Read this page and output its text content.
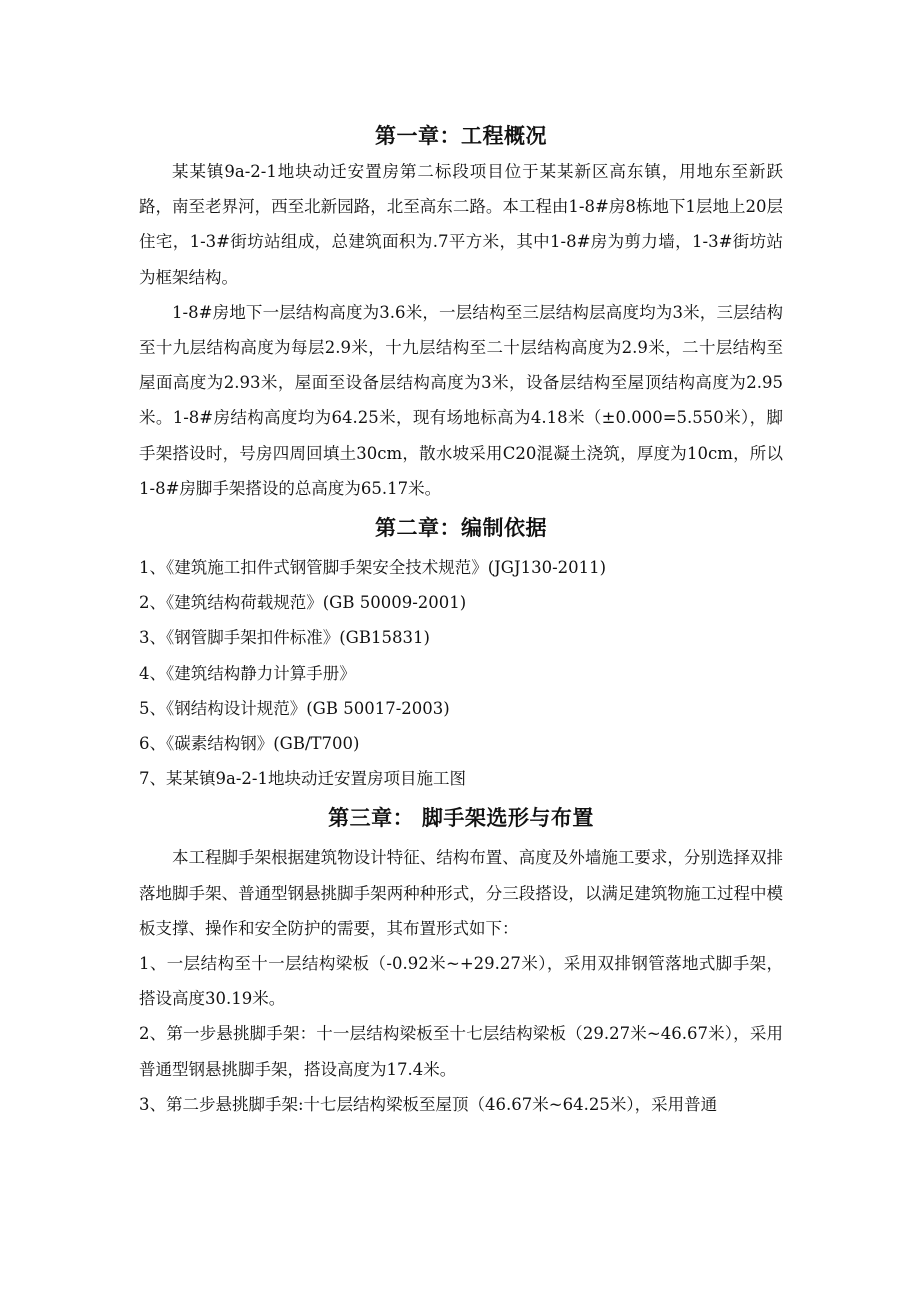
第一章：工程概况

某某镇9a-2-1地块动迁安置房第二标段项目位于某某新区高东镇，用地东至新跃路，南至老界河，西至北新园路，北至高东二路。本工程由1-8#房8栋地下1层地上20层住宅，1-3#街坊站组成，总建筑面积为.7平方米，其中1-8#房为剪力墙，1-3#街坊站为框架结构。

1-8#房地下一层结构高度为3.6米，一层结构至三层结构层高度均为3米，三层结构至十九层结构高度为每层2.9米，十九层结构至二十层结构高度为2.9米，二十层结构至屋面高度为2.93米，屋面至设备层结构高度为3米，设备层结构至屋顶结构高度为2.95米。1-8#房结构高度均为64.25米，现有场地标高为4.18米（±0.000=5.550米），脚手架搭设时，号房四周回填土30cm，散水坡采用C20混凝土浇筑，厚度为10cm，所以1-8#房脚手架搭设的总高度为65.17米。

第二章：编制依据

1、《建筑施工扣件式钢管脚手架安全技术规范》(JGJ130-2011)

2、《建筑结构荷载规范》(GB 50009-2001)

3、《钢管脚手架扣件标准》(GB15831)

4、《建筑结构静力计算手册》

5、《钢结构设计规范》(GB 50017-2003)

6、《碳素结构钢》(GB/T700)

7、某某镇9a-2-1地块动迁安置房项目施工图

第三章： 脚手架选形与布置

本工程脚手架根据建筑物设计特征、结构布置、高度及外墙施工要求，分别选择双排落地脚手架、普通型钢悬挑脚手架两种种形式，分三段搭设，以满足建筑物施工过程中模板支撑、操作和安全防护的需要，其布置形式如下：

1、一层结构至十一层结构梁板（-0.92米~+29.27米），采用双排钢管落地式脚手架，搭设高度30.19米。

2、第一步悬挑脚手架：十一层结构梁板至十七层结构梁板（29.27米~46.67米），采用普通型钢悬挑脚手架，搭设高度为17.4米。

3、第二步悬挑脚手架:十七层结构梁板至屋顶（46.67米~64.25米），采用普通
